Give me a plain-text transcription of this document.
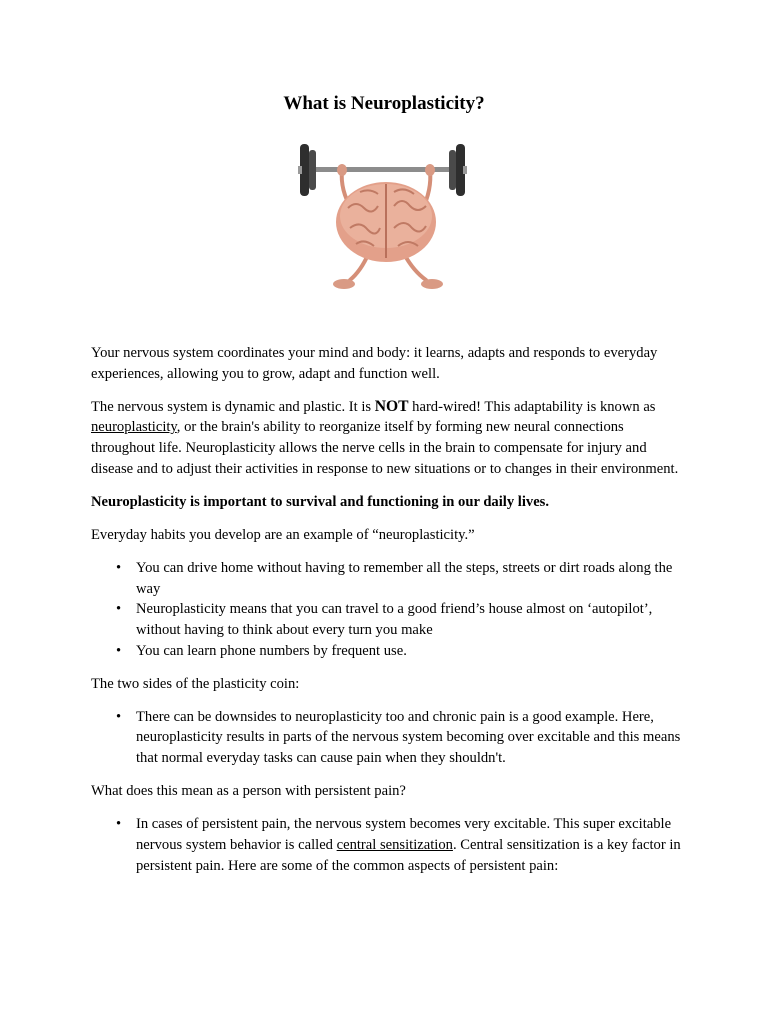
What is Neuroplasticity?

Your nervous system coordinates your mind and body: it learns, adapts and responds to everyday experiences, allowing you to grow, adapt and function well.

The nervous system is dynamic and plastic. It is NOT hard-wired! This adaptability is known as neuroplasticity, or the brain's ability to reorganize itself by forming new neural connections throughout life. Neuroplasticity allows the nerve cells in the brain to compensate for injury and disease and to adjust their activities in response to new situations or to changes in their environment.

Neuroplasticity is important to survival and functioning in our daily lives.

Everyday habits you develop are an example of “neuroplasticity.”

• You can drive home without having to remember all the steps, streets or dirt roads along the way
• Neuroplasticity means that you can travel to a good friend’s house almost on ‘autopilot’, without having to think about every turn you make
• You can learn phone numbers by frequent use.

The two sides of the plasticity coin:

• There can be downsides to neuroplasticity too and chronic pain is a good example. Here, neuroplasticity results in parts of the nervous system becoming over excitable and this means that normal everyday tasks can cause pain when they shouldn't.

What does this mean as a person with persistent pain?

• In cases of persistent pain, the nervous system becomes very excitable. This super excitable nervous system behavior is called central sensitization. Central sensitization is a key factor in persistent pain. Here are some of the common aspects of persistent pain:
